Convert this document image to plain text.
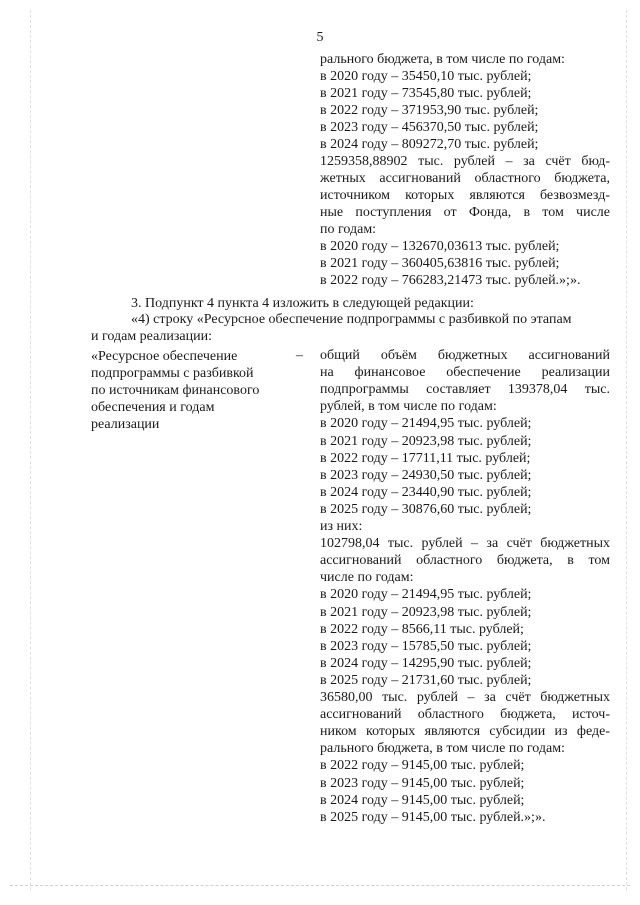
5
рального бюджета, в том числе по годам:
в 2020 году – 35450,10 тыс. рублей;
в 2021 году – 73545,80 тыс. рублей;
в 2022 году – 371953,90 тыс. рублей;
в 2023 году – 456370,50 тыс. рублей;
в 2024 году – 809272,70 тыс. рублей;
1259358,88902 тыс. рублей – за счёт бюд-
жетных ассигнований областного бюджета,
источником которых являются безвозмезд-
ные поступления от Фонда, в том числе
по годам:
в 2020 году – 132670,03613 тыс. рублей;
в 2021 году – 360405,63816 тыс. рублей;
в 2022 году – 766283,21473 тыс. рублей.»;».
3. Подпункт 4 пункта 4 изложить в следующей редакции:
«4) строку «Ресурсное обеспечение подпрограммы с разбивкой по этапам
и годам реализации:
«Ресурсное обеспечение
подпрограммы с разбивкой
по источникам финансового
обеспечения и годам
реализации
– общий объём бюджетных ассигнований
на финансовое обеспечение реализации
подпрограммы составляет 139378,04 тыс.
рублей, в том числе по годам:
в 2020 году – 21494,95 тыс. рублей;
в 2021 году – 20923,98 тыс. рублей;
в 2022 году – 17711,11 тыс. рублей;
в 2023 году – 24930,50 тыс. рублей;
в 2024 году – 23440,90 тыс. рублей;
в 2025 году – 30876,60 тыс. рублей;
из них:
102798,04 тыс. рублей – за счёт бюджетных
ассигнований областного бюджета, в том
числе по годам:
в 2020 году – 21494,95 тыс. рублей;
в 2021 году – 20923,98 тыс. рублей;
в 2022 году – 8566,11 тыс. рублей;
в 2023 году – 15785,50 тыс. рублей;
в 2024 году – 14295,90 тыс. рублей;
в 2025 году – 21731,60 тыс. рублей;
36580,00 тыс. рублей – за счёт бюджетных
ассигнований областного бюджета, источ-
ником которых являются субсидии из феде-
рального бюджета, в том числе по годам:
в 2022 году – 9145,00 тыс. рублей;
в 2023 году – 9145,00 тыс. рублей;
в 2024 году – 9145,00 тыс. рублей;
в 2025 году – 9145,00 тыс. рублей.»;».
